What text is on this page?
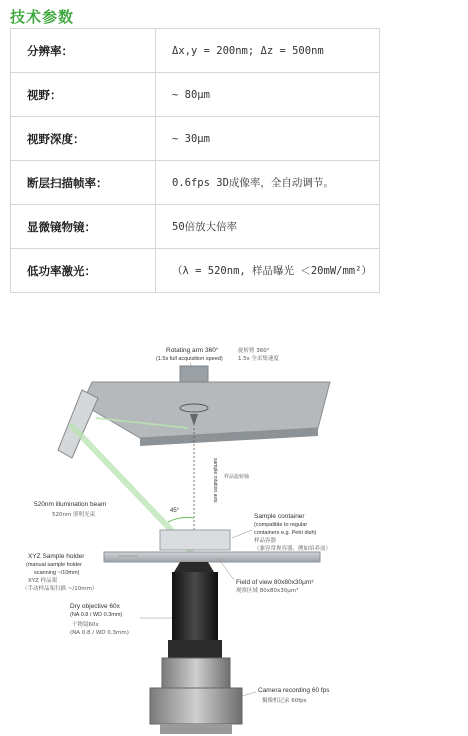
技术参数
分辨率：	Δx,y = 200nm; Δz = 500nm
视野：	~ 80μm
视野深度：	~ 30μm
断层扫描帧率：	0.6fps 3D成像率，全自动调节。
显微镜物镜：	50倍放大倍率
低功率激光：	（λ = 520nm, 样品曝光 ＜20mW/mm²）
Rotating arm 360°
(1.5s full acquisition speed)
旋转臂 360°
1.5s 全采集速度
sample rotation axis 样品旋转轴
520nm illumination beam
520nm 照明光束
45°
Sample container
(compatible to regular
containers e.g. Petri dish)
样品容器
（兼容常规容器，例如培养皿）
XYZ Sample holder
(manual sample holder
scanning ~/10mm)
XYZ 样品架
（手动样品架扫描 ~/10mm）
Field of view 80x80x30μm³
观察区域 80x80x30μm³
Dry objective 60x
(NA 0.8 / WD 0.3mm)
干物镜60x
(NA 0.8 / WD 0.3mm)
Camera recording 60 fps
摄像机记录 60fps
